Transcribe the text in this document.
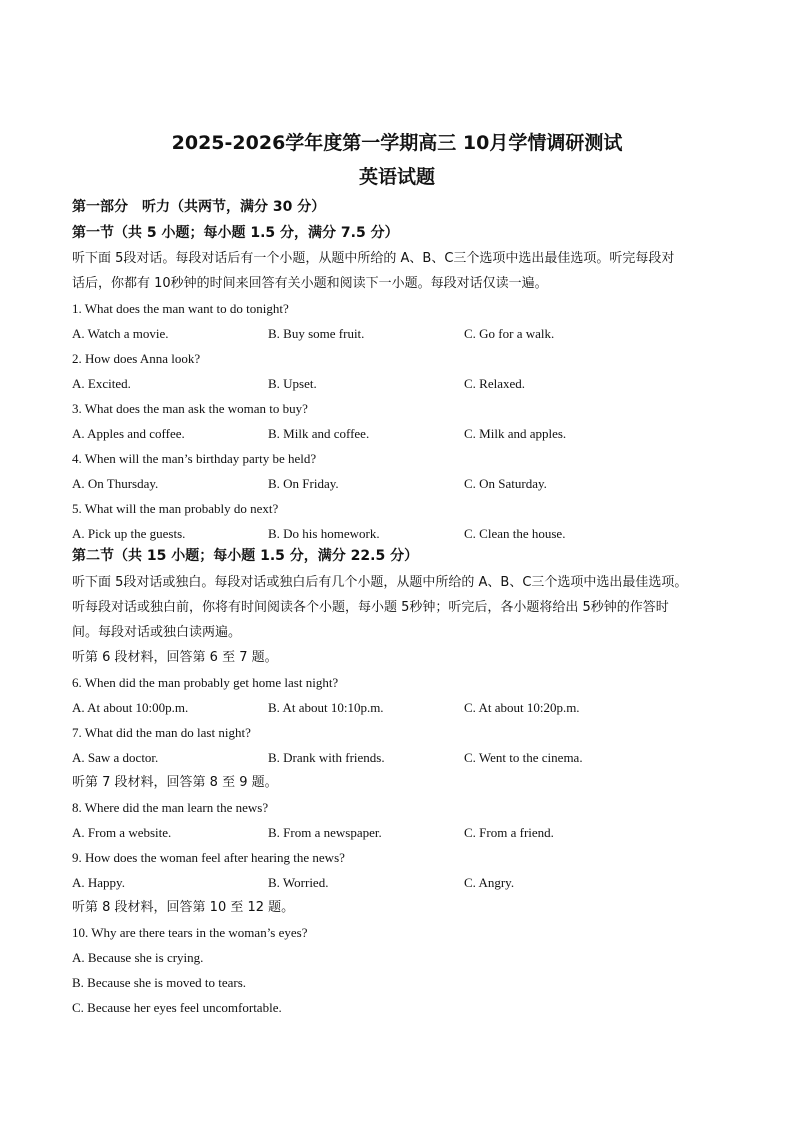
2025-2026学年度第一学期高三 10月学情调研测试
英语试题
第一部分　听力（共两节，满分 30 分）
第一节（共 5 小题；每小题 1.5 分，满分 7.5 分）
听下面 5段对话。每段对话后有一个小题，从题中所给的 A、B、C三个选项中选出最佳选项。听完每段对
话后，你都有 10秒钟的时间来回答有关小题和阅读下一小题。每段对话仅读一遍。
1. What does the man want to do tonight?
A. Watch a movie.	B. Buy some fruit.	C. Go for a walk.
2. How does Anna look?
A. Excited.	B. Upset.	C. Relaxed.
3. What does the man ask the woman to buy?
A. Apples and coffee.	B. Milk and coffee.	C. Milk and apples.
4. When will the man’s birthday party be held?
A. On Thursday.	B. On Friday.	C. On Saturday.
5. What will the man probably do next?
A. Pick up the guests.	B. Do his homework.	C. Clean the house.
第二节（共 15 小题；每小题 1.5 分，满分 22.5 分）
听下面 5段对话或独白。每段对话或独白后有几个小题，从题中所给的 A、B、C三个选项中选出最佳选项。
听每段对话或独白前，你将有时间阅读各个小题，每小题 5秒钟；听完后，各小题将给出 5秒钟的作答时
间。每段对话或独白读两遍。
听第 6 段材料，回答第 6 至 7 题。
6. When did the man probably get home last night?
A. At about 10:00p.m.	B. At about 10:10p.m.	C. At about 10:20p.m.
7. What did the man do last night?
A. Saw a doctor.	B. Drank with friends.	C. Went to the cinema.
听第 7 段材料，回答第 8 至 9 题。
8. Where did the man learn the news?
A. From a website.	B. From a newspaper.	C. From a friend.
9. How does the woman feel after hearing the news?
A. Happy.	B. Worried.	C. Angry.
听第 8 段材料，回答第 10 至 12 题。
10. Why are there tears in the woman’s eyes?
A. Because she is crying.
B. Because she is moved to tears.
C. Because her eyes feel uncomfortable.
